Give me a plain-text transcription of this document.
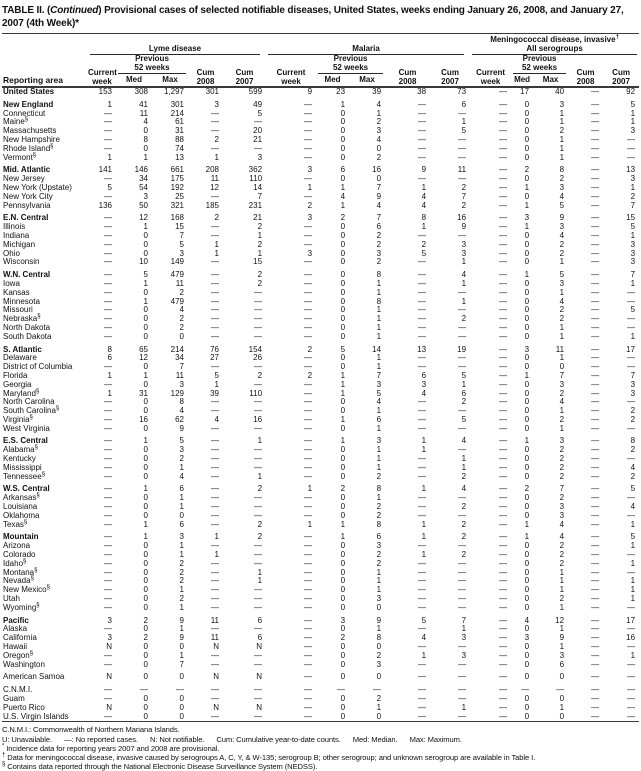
TABLE II. (Continued) Provisional cases of selected notifiable diseases, United States, weeks ending January 26, 2008, and January 27, 2007 (4th Week)*
Reporting area	Lyme disease					Malaria					Meningococcal disease, invasive†
All serogroups				

	Current
week	Previous
52 weeks		Cum
2008	Cum
2007	Current
week	Previous
52 weeks		Cum
2008	Cum
2007	Current
week	Previous
52 weeks		Cum
2008	Cum
2007
		Med	Max				Med	Max				Med	Max		
United States	153	308	1,297	301	599	9	23	39	38	73	—	17	40	—	92

New England	1	41	301	3	49	—	1	4	—	6	—	0	3	—	5
Connecticut	—	11	214	—	5	—	0	1	—	—	—	0	1	—	1
Maine§	—	4	61	—	—	—	0	2	—	1	—	0	1	—	1
Massachusetts	—	0	31	—	20	—	0	3	—	5	—	0	2	—	3
New Hampshire	—	8	88	2	21	—	0	4	—	—	—	0	1	—	—
Rhode Island§	—	0	74	—	—	—	0	0	—	—	—	0	1	—	—
Vermont§	1	1	13	1	3	—	0	2	—	—	—	0	1	—	—

Mid. Atlantic	141	146	661	208	362	3	6	16	9	11	—	2	8	—	13
New Jersey	—	34	175	11	110	—	0	0	—	—	—	0	2	—	3
New York (Upstate)	5	54	192	12	14	1	1	7	1	2	—	1	3	—	1
New York City	—	3	25	—	7	—	4	9	4	7	—	0	4	—	2
Pennsylvania	136	50	321	185	231	2	1	4	4	2	—	1	5	—	7

E.N. Central	—	12	168	2	21	3	2	7	8	16	—	3	9	—	15
Illinois	—	1	15	—	2	—	0	6	1	9	—	1	3	—	5
Indiana	—	0	7	—	1	—	0	2	—	—	—	0	4	—	1
Michigan	—	0	5	1	2	—	0	2	2	3	—	0	2	—	3
Ohio	—	0	3	1	1	3	0	3	5	3	—	0	2	—	3
Wisconsin	—	10	149	—	15	—	0	2	—	1	—	0	1	—	3

W.N. Central	—	5	479	—	2	—	0	8	—	4	—	1	5	—	7
Iowa	—	1	11	—	2	—	0	1	—	1	—	0	3	—	1
Kansas	—	0	2	—	—	—	0	1	—	—	—	0	1	—	—
Minnesota	—	1	479	—	—	—	0	8	—	1	—	0	4	—	—
Missouri	—	0	4	—	—	—	0	1	—	—	—	0	2	—	5
Nebraska§	—	0	2	—	—	—	0	1	—	2	—	0	2	—	—
North Dakota	—	0	2	—	—	—	0	1	—	—	—	0	1	—	—
South Dakota	—	0	0	—	—	—	0	1	—	—	—	0	1	—	1

S. Atlantic	8	65	214	76	154	2	5	14	13	19	—	3	11	—	17
Delaware	6	12	34	27	26	—	0	1	—	—	—	0	1	—	—
District of Columbia	—	0	7	—	—	—	0	1	—	—	—	0	0	—	—
Florida	1	1	11	5	2	2	1	7	6	5	—	1	7	—	7
Georgia	—	0	3	1	—	—	1	3	3	1	—	0	3	—	3
Maryland§	1	31	129	39	110	—	1	5	4	6	—	0	2	—	3
North Carolina	—	0	8	—	—	—	0	4	—	2	—	0	4	—	—
South Carolina§	—	0	4	—	—	—	0	1	—	—	—	0	1	—	2
Virginia§	—	16	62	4	16	—	1	6	—	5	—	0	2	—	2
West Virginia	—	0	9	—	—	—	0	1	—	—	—	0	1	—	—

E.S. Central	—	1	5	—	1	—	1	3	1	4	—	1	3	—	8
Alabama§	—	0	3	—	—	—	0	1	1	—	—	0	2	—	2
Kentucky	—	0	2	—	—	—	0	1	—	1	—	0	2	—	—
Mississippi	—	0	1	—	—	—	0	1	—	1	—	0	2	—	4
Tennessee§	—	0	4	—	1	—	0	2	—	2	—	0	2	—	2

W.S. Central	—	1	6	—	2	1	2	8	1	4	—	2	7	—	5
Arkansas§	—	0	1	—	—	—	0	1	—	—	—	0	2	—	—
Louisiana	—	0	1	—	—	—	0	2	—	2	—	0	3	—	4
Oklahoma	—	0	0	—	—	—	0	2	—	—	—	0	3	—	—
Texas§	—	1	6	—	2	1	1	8	1	2	—	1	4	—	1

Mountain	—	1	3	1	2	—	1	6	1	2	—	1	4	—	5
Arizona	—	0	1	—	—	—	0	3	—	—	—	0	2	—	1
Colorado	—	0	1	1	—	—	0	2	1	2	—	0	2	—	—
Idaho§	—	0	2	—	—	—	0	2	—	—	—	0	2	—	1
Montana§	—	0	2	—	1	—	0	1	—	—	—	0	1	—	—
Nevada§	—	0	2	—	1	—	0	1	—	—	—	0	1	—	1
New Mexico§	—	0	1	—	—	—	0	1	—	—	—	0	1	—	1
Utah	—	0	2	—	—	—	0	3	—	—	—	0	2	—	1
Wyoming§	—	0	1	—	—	—	0	0	—	—	—	0	1	—	—

Pacific	3	2	9	11	6	—	3	9	5	7	—	4	12	—	17
Alaska	—	0	1	—	—	—	0	1	—	1	—	0	1	—	—
California	3	2	9	11	6	—	2	8	4	3	—	3	9	—	16
Hawaii	N	0	0	N	N	—	0	0	—	—	—	0	1	—	—
Oregon§	—	0	1	—	—	—	0	2	1	3	—	0	3	—	1
Washington	—	0	7	—	—	—	0	3	—	—	—	0	6	—	—

American Samoa	N	0	0	N	N	—	0	0	—	—	—	0	0	—	—

C.N.M.I.	—	—	—	—	—	—	—	—	—	—	—	—	—	—	—
Guam	—	0	0	—	—	—	0	2	—	—	—	0	0	—	—
Puerto Rico	N	0	0	N	N	—	0	1	—	1	—	0	1	—	—
U.S. Virgin Islands	—	0	0	—	—	—	0	0	—	—	—	0	0	—	—
C.N.M.I.: Commonwealth of Northern Mariana Islands.
U: Unavailable.      —: No reported cases.      N: Not notifiable.      Cum: Cumulative year-to-date counts.      Med: Median.      Max: Maximum.
* Incidence data for reporting years 2007 and 2008 are provisional.
† Data for meningococcal disease, invasive caused by serogroups A, C, Y, & W-135; serogroup B; other serogroup; and unknown serogroup are available in Table I.
§ Contains data reported through the National Electronic Disease Surveillance System (NEDSS).
